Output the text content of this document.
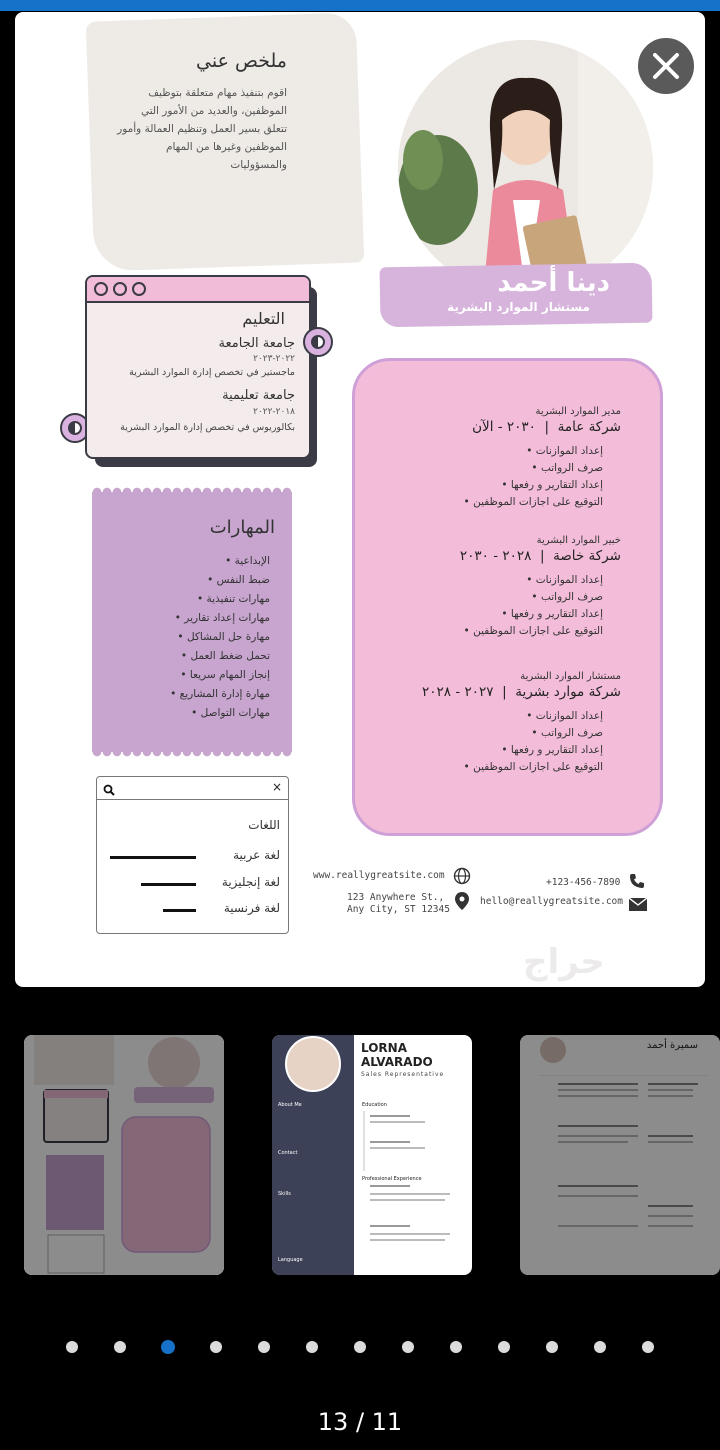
ملخص عني
اقوم بتنفيذ مهام متعلقة بتوظيف الموظفين، والعديد من الأمور التي تتعلق بسير العمل وتنظيم العمالة وأمور الموظفين وغيرها من المهام والمسؤوليات
دينا أحمد
مستشار الموارد البشرية
التعليم
جامعة الجامعة
٢٠٢٢-٢٠٢٣
ماجستير في تخصص إدارة الموارد البشرية
جامعة تعليمية
٢٠١٨-٢٠٢٢
بكالوريوس في تخصص إدارة الموارد البشرية
المهارات
الإبداعية •
ضبط النفس •
مهارات تنفيذية •
مهارات إعداد تقارير •
مهارة حل المشاكل •
تحمل ضغط العمل •
إنجاز المهام سريعا •
مهارة إدارة المشاريع •
مهارات التواصل •
مدير الموارد البشرية
شركة عامة  |  ٢٠٣٠ - الآن
إعداد الموازنات •
صرف الرواتب •
إعداد التقارير و رفعها •
التوقيع على اجازات الموظفين •
خبير الموارد البشرية
شركة خاصة  |  ٢٠٢٨ - ٢٠٣٠
إعداد الموازنات •
صرف الرواتب •
إعداد التقارير و رفعها •
التوقيع على اجازات الموظفين •
مستشار الموارد البشرية
شركة موارد بشرية  |  ٢٠٢٧ - ٢٠٢٨
إعداد الموازنات •
صرف الرواتب •
إعداد التقارير و رفعها •
التوقيع على اجازات الموظفين •
×
اللغات
لغة عربية
لغة إنجليزية
لغة فرنسية
www.reallygreatsite.com
123 Anywhere St.,
Any City, ST 12345
+123-456-7890
hello@reallygreatsite.com
حراج
LORNA
ALVARADO
Sales Representative
About Me
Contact
Skills
Language
Education
Professional Experience
سميرة أحمد
13 / 11
